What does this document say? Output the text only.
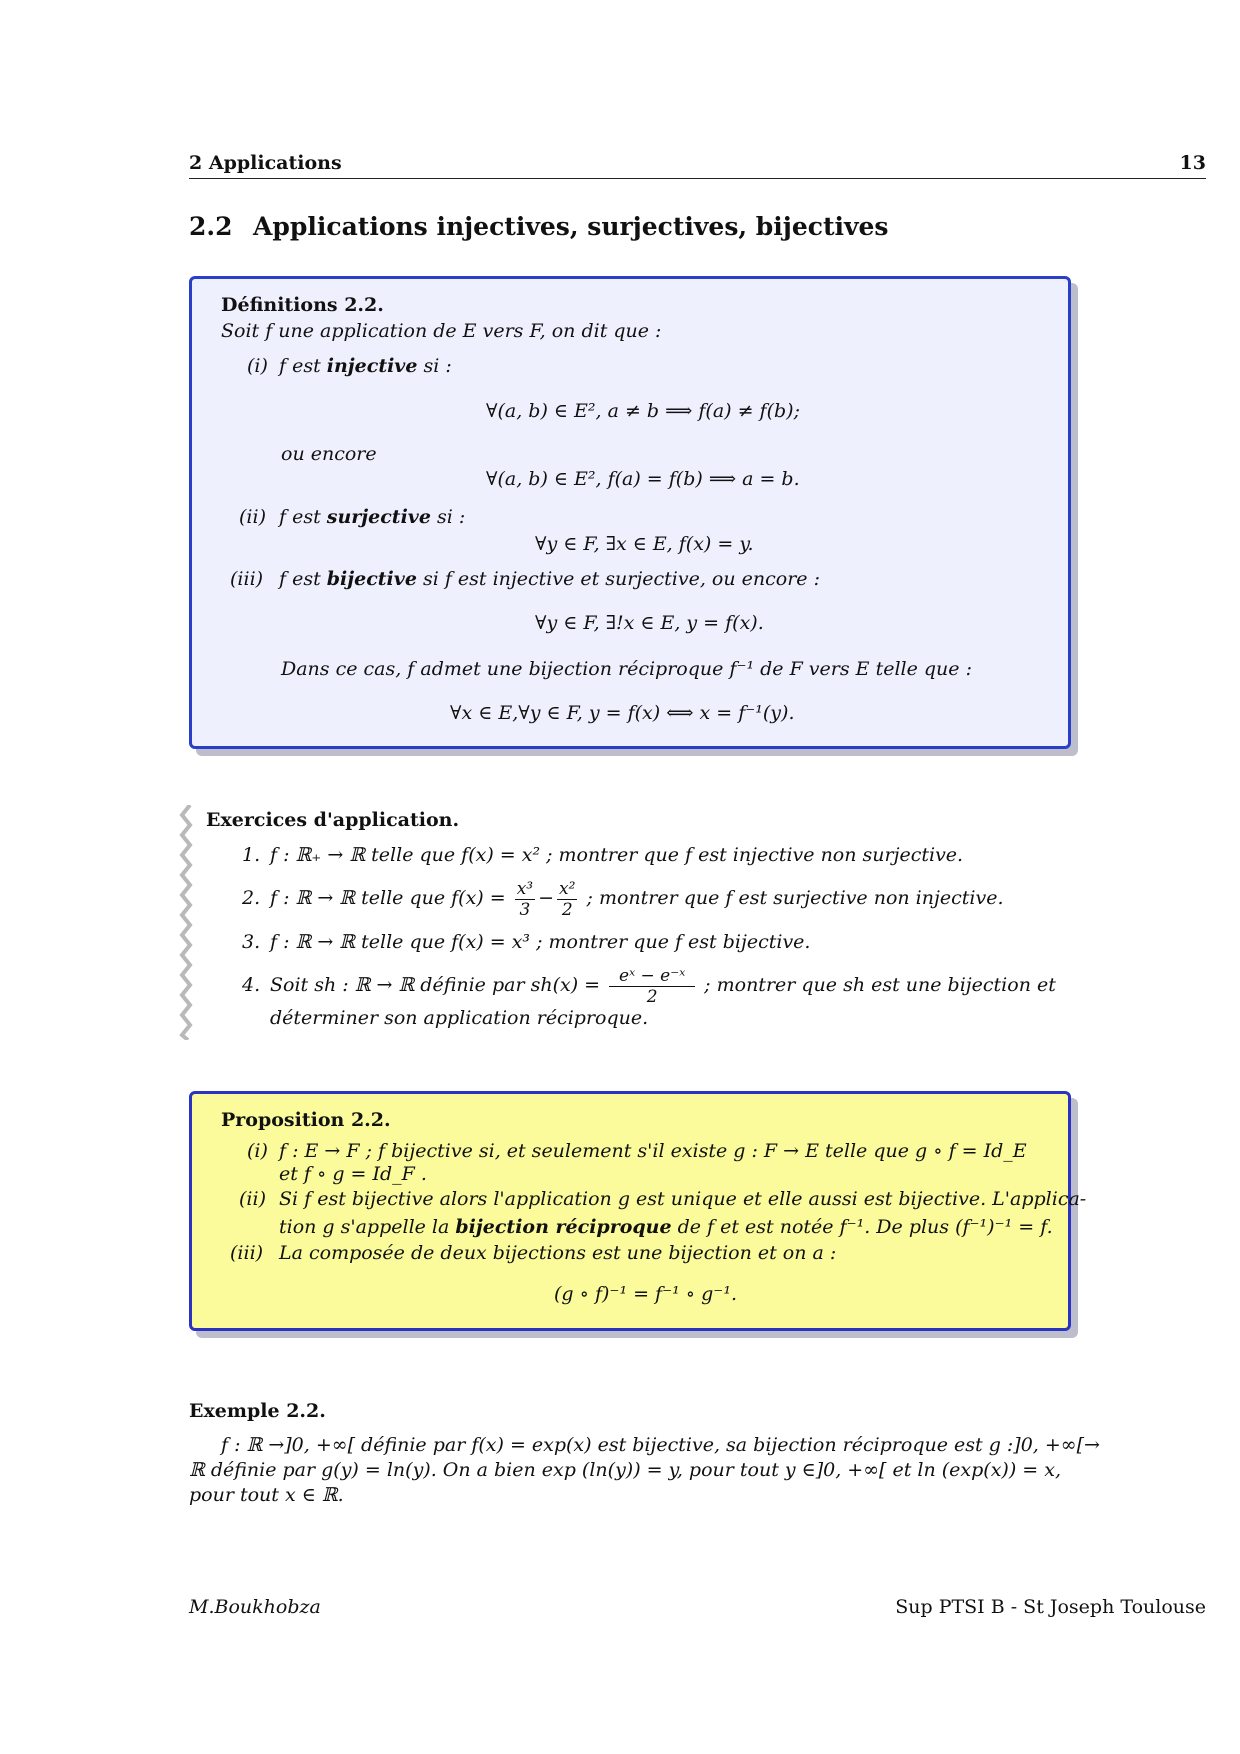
2 Applications	13
2.2 Applications injectives, surjectives, bijectives
Définitions 2.2.
Soit f une application de E vers F, on dit que :
(i) f est injective si :
∀(a, b) ∈ E², a ≠ b ⟹ f(a) ≠ f(b);
ou encore
∀(a, b) ∈ E², f(a) = f(b) ⟹ a = b.
(ii) f est surjective si :
∀y ∈ F, ∃x ∈ E, f(x) = y.
(iii) f est bijective si f est injective et surjective, ou encore :
∀y ∈ F, ∃!x ∈ E, y = f(x).
Dans ce cas, f admet une bijection réciproque f⁻¹ de F vers E telle que :
∀x ∈ E,∀y ∈ F, y = f(x) ⟺ x = f⁻¹(y).
Exercices d'application.
1. f : ℝ₊ → ℝ telle que f(x) = x² ; montrer que f est injective non surjective.
2. f : ℝ → ℝ telle que $f(x) = \frac{\text{x³}}{3} - \frac{\text{x²}}{2}$ ; montrer que f est surjective non injective.
3. f : ℝ → ℝ telle que f(x) = x³ ; montrer que f est bijective.
4. Soit sh : ℝ → ℝ définie par $sh(x) = \frac{\text{eˣ − e⁻ˣ}}{2}$ ; montrer que sh est une bijection et
déterminer son application réciproque.
Proposition 2.2.
(i) f : E → F ; f bijective si, et seulement s'il existe g : F → E telle que g ∘ f = Id_E
et f ∘ g = Id_F .
(ii) Si f est bijective alors l'application g est unique et elle aussi est bijective. L'applica-
tion g s'appelle la bijection réciproque de f et est notée f⁻¹. De plus (f⁻¹)⁻¹ = f.
(iii) La composée de deux bijections est une bijection et on a :
(g ∘ f)⁻¹ = f⁻¹ ∘ g⁻¹.
Exemple 2.2.
f : ℝ →]0, +∞[ définie par f(x) = exp(x) est bijective, sa bijection réciproque est g :]0, +∞[→
ℝ définie par g(y) = ln(y). On a bien exp (ln(y)) = y, pour tout y ∈]0, +∞[ et ln (exp(x)) = x,
pour tout x ∈ ℝ.
M.Boukhobza	Sup PTSI B - St Joseph Toulouse
